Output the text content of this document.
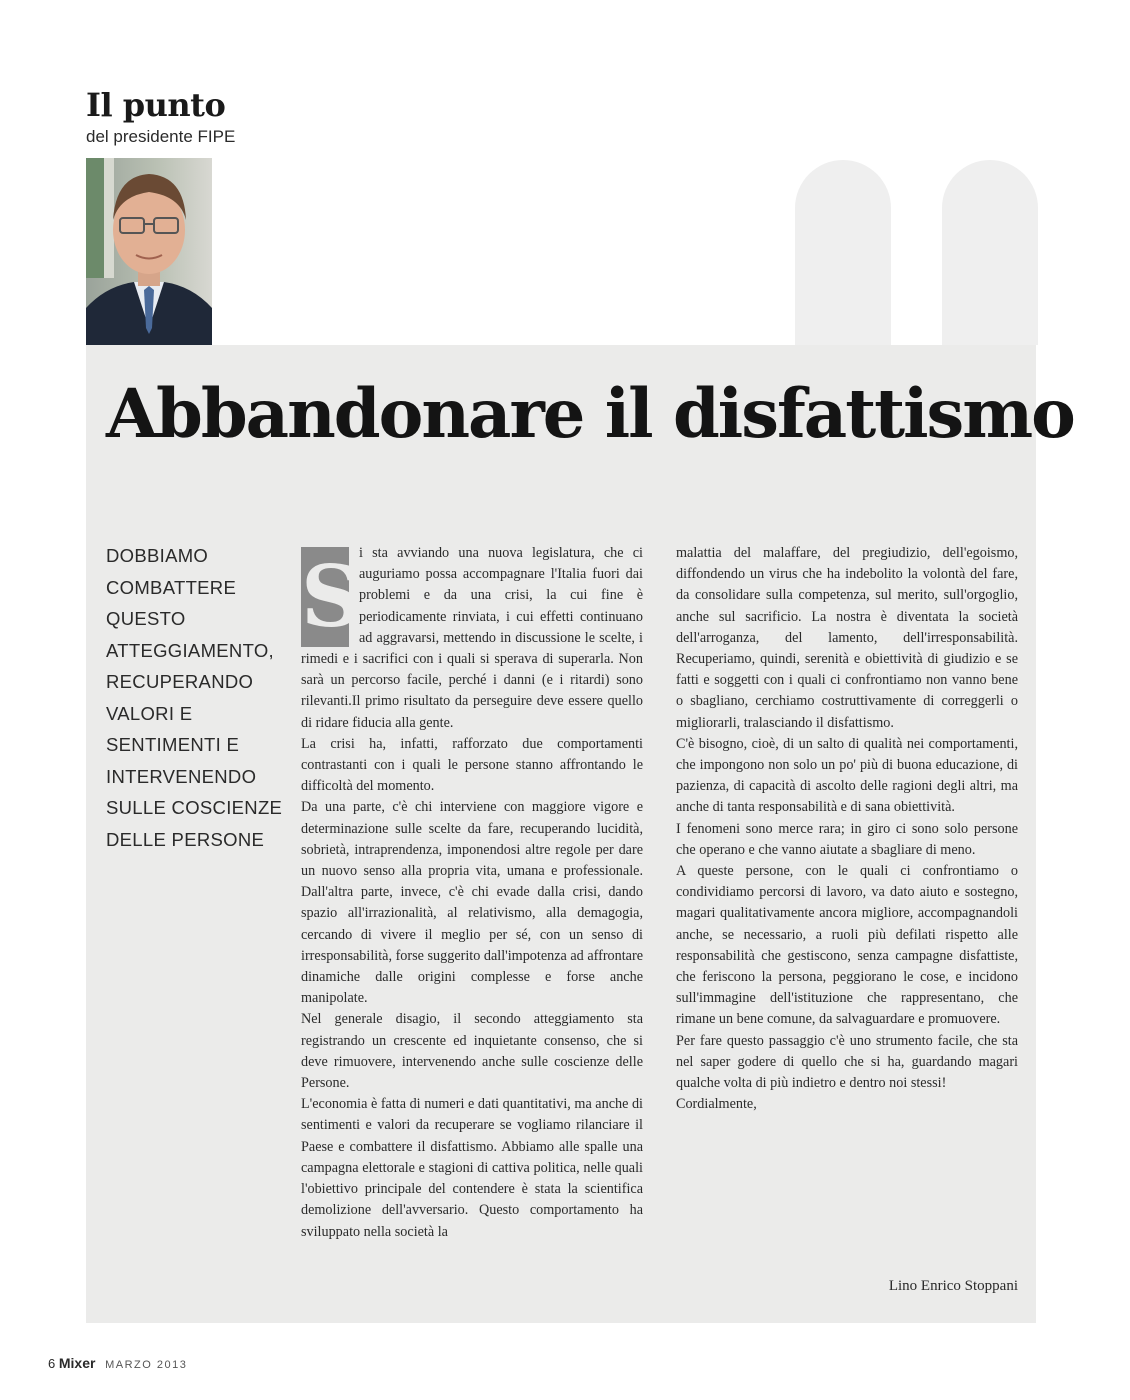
Il punto
del presidente FIPE
Abbandonare il disfattismo
DOBBIAMO
COMBATTERE
QUESTO
ATTEGGIAMENTO,
RECUPERANDO
VALORI E
SENTIMENTI E
INTERVENENDO
SULLE COSCIENZE
DELLE PERSONE
S

i sta avviando una nuova legislatura, che ci auguriamo possa accompagnare l'Italia fuori dai problemi e da una crisi, la cui fine è periodicamente rinviata, i cui effetti continuano ad aggravarsi, mettendo in discussione le scelte, i rimedi e i sacrifici con i quali si sperava di superarla. Non sarà un percorso facile, perché i danni (e i ritardi) sono rilevanti.Il primo risultato da perseguire deve essere quello di ridare fiducia alla gente.

La crisi ha, infatti, rafforzato due comportamenti contrastanti con i quali le persone stanno affrontando le difficoltà del momento.

Da una parte, c'è chi interviene con maggiore vigore e determinazione sulle scelte da fare, recuperando lucidità, sobrietà, intraprendenza, imponendosi altre regole per dare un nuovo senso alla propria vita, umana e professionale. Dall'altra parte, invece, c'è chi evade dalla crisi, dando spazio all'irrazionalità, al relativismo, alla demagogia, cercando di vivere il meglio per sé, con un senso di irresponsabilità, forse suggerito dall'impotenza ad affrontare dinamiche dalle origini complesse e forse anche manipolate.

Nel generale disagio, il secondo atteggiamento sta registrando un crescente ed inquietante consenso, che si deve rimuovere, intervenendo anche sulle coscienze delle Persone.

L'economia è fatta di numeri e dati quantitativi, ma anche di sentimenti e valori da recuperare se vogliamo rilanciare il Paese e combattere il disfattismo. Abbiamo alle spalle una campagna elettorale e stagioni di cattiva politica, nelle quali l'obiettivo principale del contendere è stata la scientifica demolizione dell'avversario. Questo comportamento ha sviluppato nella società la

malattia del malaffare, del pregiudizio, dell'egoismo, diffondendo un virus che ha indebolito la volontà del fare, da consolidare sulla competenza, sul merito, sull'orgoglio, anche sul sacrificio. La nostra è diventata la società dell'arroganza, del lamento, dell'irresponsabilità. Recuperiamo, quindi, serenità e obiettività di giudizio e se fatti e soggetti con i quali ci confrontiamo non vanno bene o sbagliano, cerchiamo costruttivamente di correggerli o migliorarli, tralasciando il disfattismo.

C'è bisogno, cioè, di un salto di qualità nei comportamenti, che impongono non solo un po' più di buona educazione, di pazienza, di capacità di ascolto delle ragioni degli altri, ma anche di tanta responsabilità e di sana obiettività.

I fenomeni sono merce rara; in giro ci sono solo persone che operano e che vanno aiutate a sbagliare di meno.

A queste persone, con le quali ci confrontiamo o condividiamo percorsi di lavoro, va dato aiuto e sostegno, magari qualitativamente ancora migliore, accompagnandoli anche, se necessario, a ruoli più defilati rispetto alle responsabilità che gestiscono, senza campagne disfattiste, che feriscono la persona, peggiorano le cose, e incidono sull'immagine dell'istituzione che rappresentano, che rimane un bene comune, da salvaguardare e promuovere.

Per fare questo passaggio c'è uno strumento facile, che sta nel saper godere di quello che si ha, guardando magari qualche volta di più indietro e dentro noi stessi!

Cordialmente,

Lino Enrico Stoppani
6 Mixer MARZO 2013
